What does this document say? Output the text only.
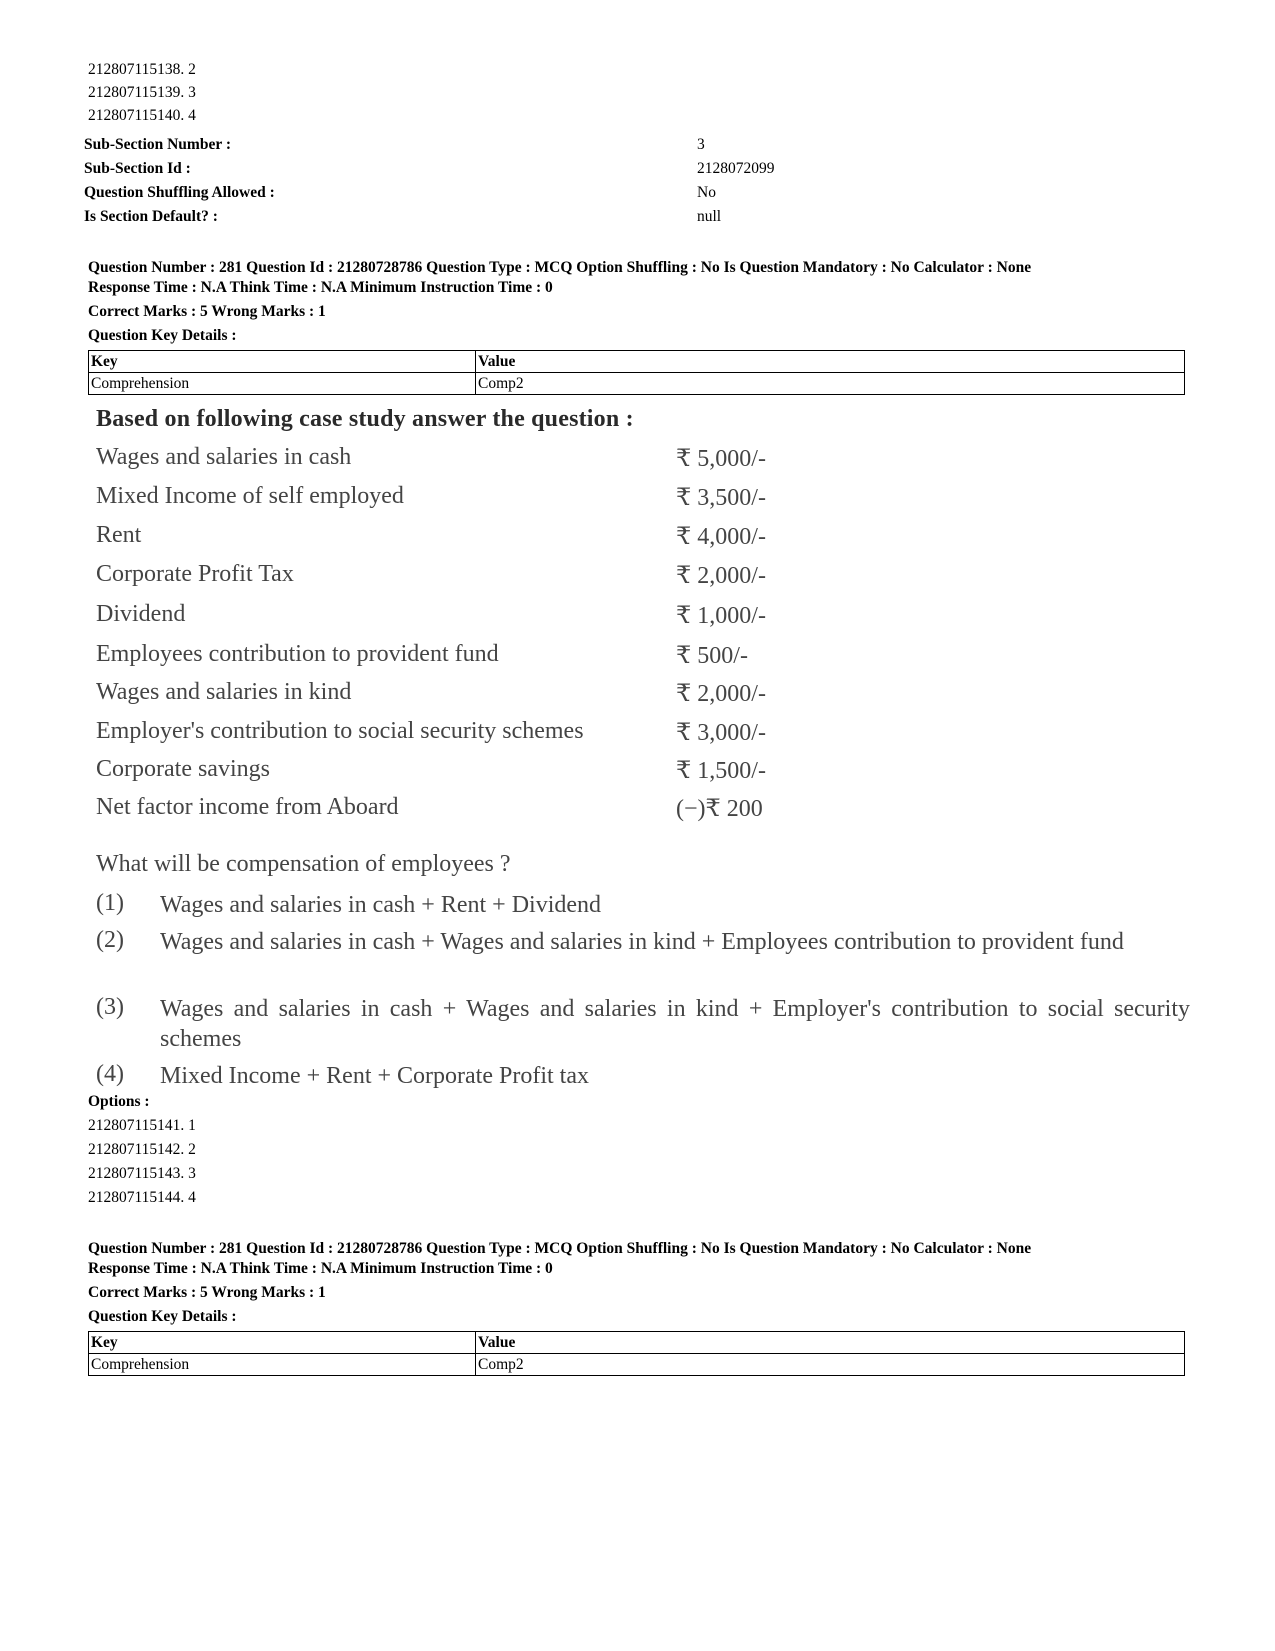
212807115138. 2
212807115139. 3
212807115140. 4
Sub-Section Number :	3
Sub-Section Id :	2128072099
Question Shuffling Allowed :	No
Is Section Default? :	null
Question Number : 281 Question Id : 21280728786 Question Type : MCQ Option Shuffling : No Is Question Mandatory : No Calculator : None
Response Time : N.A Think Time : N.A Minimum Instruction Time : 0
Correct Marks : 5 Wrong Marks : 1
Question Key Details :
Key	Value
Comprehension	Comp2
Based on following case study answer the question :
Wages and salaries in cash	₹ 5,000/-
Mixed Income of self employed	₹ 3,500/-
Rent	₹ 4,000/-
Corporate Profit Tax	₹ 2,000/-
Dividend	₹ 1,000/-
Employees contribution to provident fund	₹ 500/-
Wages and salaries in kind	₹ 2,000/-
Employer's contribution to social security schemes	₹ 3,000/-
Corporate savings	₹ 1,500/-
Net factor income from Aboard	(−)₹ 200
What will be compensation of employees ?
(1) Wages and salaries in cash + Rent + Dividend
(2) Wages and salaries in cash + Wages and salaries in kind + Employees contribution to provident fund
(3) Wages and salaries in cash + Wages and salaries in kind + Employer's contribution to social security schemes
(4) Mixed Income + Rent + Corporate Profit tax
Options :
212807115141. 1
212807115142. 2
212807115143. 3
212807115144. 4
Question Number : 281 Question Id : 21280728786 Question Type : MCQ Option Shuffling : No Is Question Mandatory : No Calculator : None
Response Time : N.A Think Time : N.A Minimum Instruction Time : 0
Correct Marks : 5 Wrong Marks : 1
Question Key Details :
Key	Value
Comprehension	Comp2
